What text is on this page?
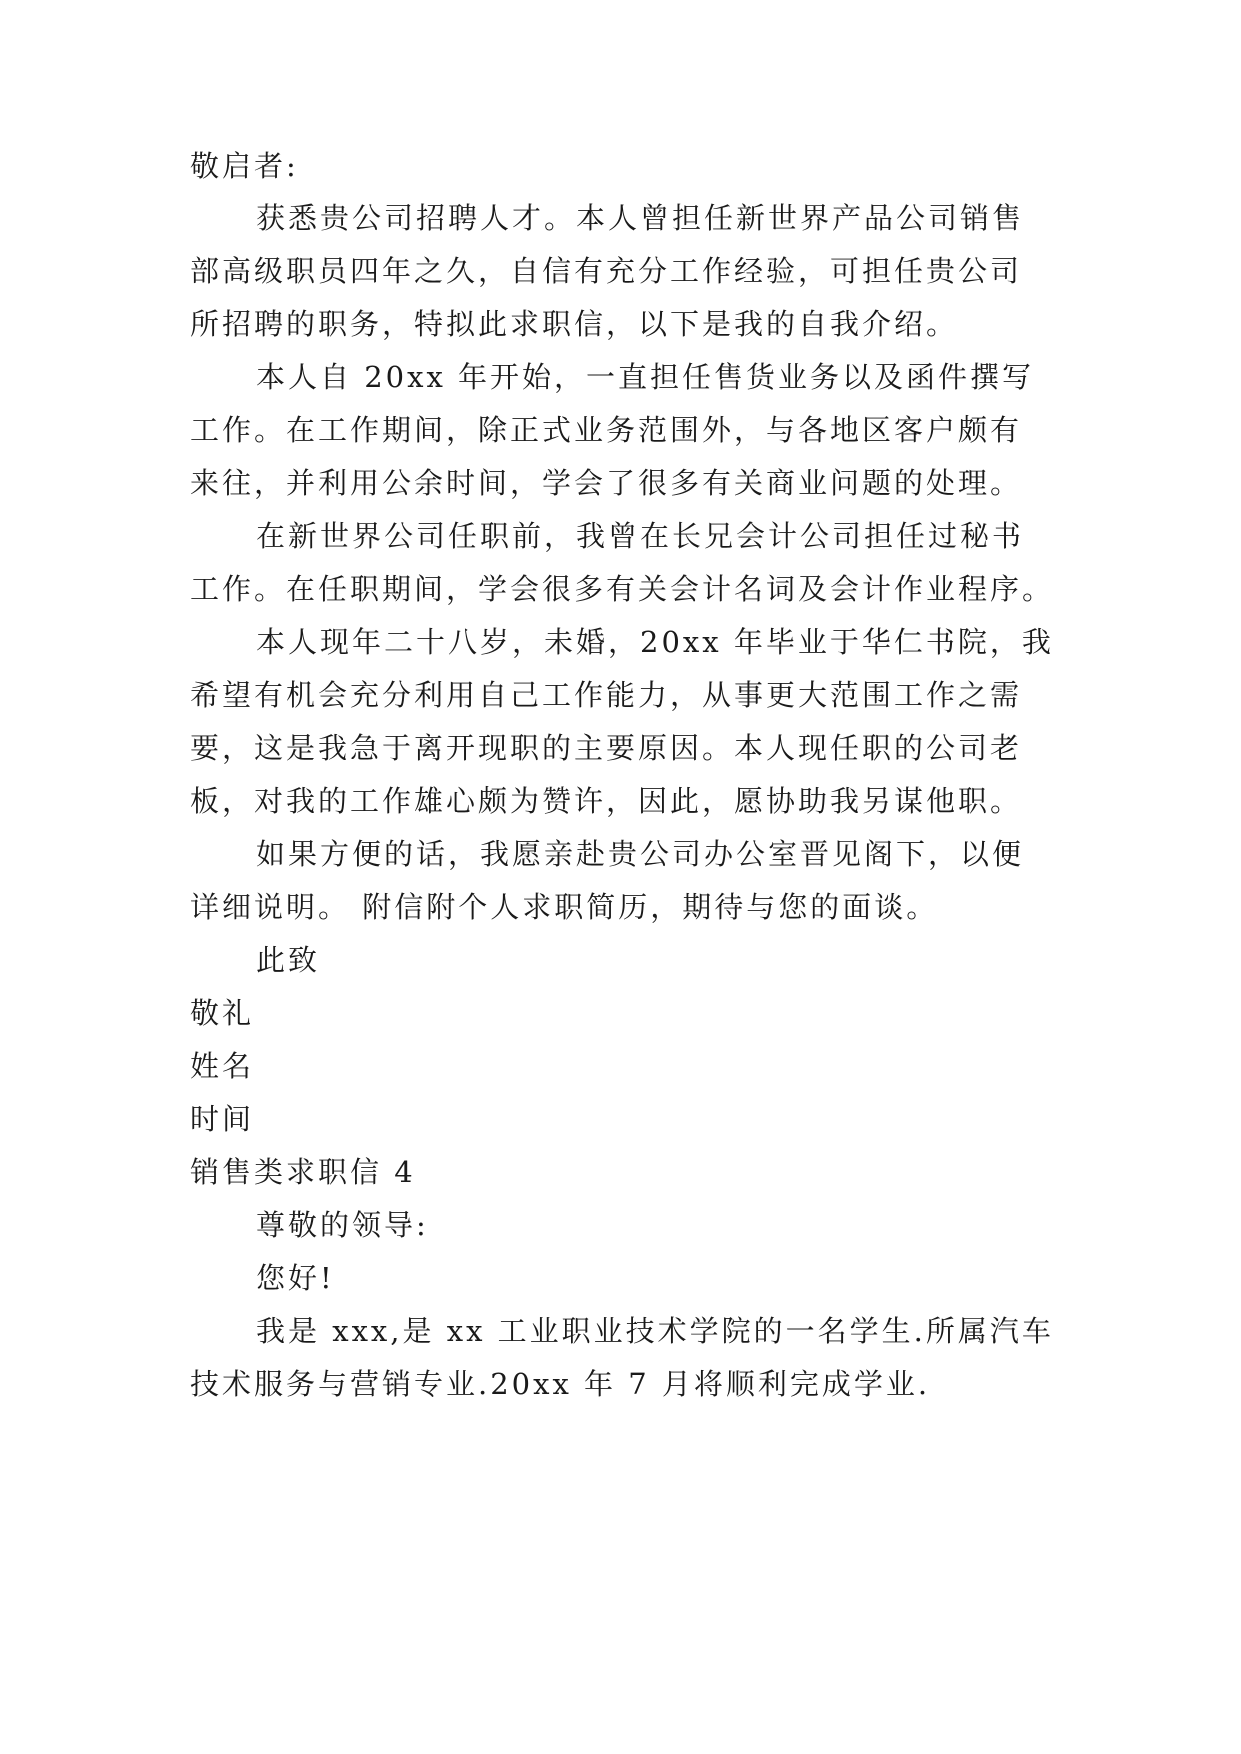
敬启者:
获悉贵公司招聘人才。本人曾担任新世界产品公司销售
部高级职员四年之久，自信有充分工作经验，可担任贵公司
所招聘的职务，特拟此求职信，以下是我的自我介绍。
本人自 20xx 年开始，一直担任售货业务以及函件撰写
工作。在工作期间，除正式业务范围外，与各地区客户颇有
来往，并利用公余时间，学会了很多有关商业问题的处理。
在新世界公司任职前，我曾在长兄会计公司担任过秘书
工作。在任职期间，学会很多有关会计名词及会计作业程序。
本人现年二十八岁，未婚，20xx 年毕业于华仁书院，我
希望有机会充分利用自己工作能力，从事更大范围工作之需
要，这是我急于离开现职的主要原因。本人现任职的公司老
板，对我的工作雄心颇为赞许，因此，愿协助我另谋他职。
如果方便的话，我愿亲赴贵公司办公室晋见阁下，以便
详细说明。 附信附个人求职简历，期待与您的面谈。
此致
敬礼
姓名
时间
销售类求职信 4
尊敬的领导:
您好!
我是 xxx,是 xx 工业职业技术学院的一名学生.所属汽车
技术服务与营销专业.20xx 年 7 月将顺利完成学业.
